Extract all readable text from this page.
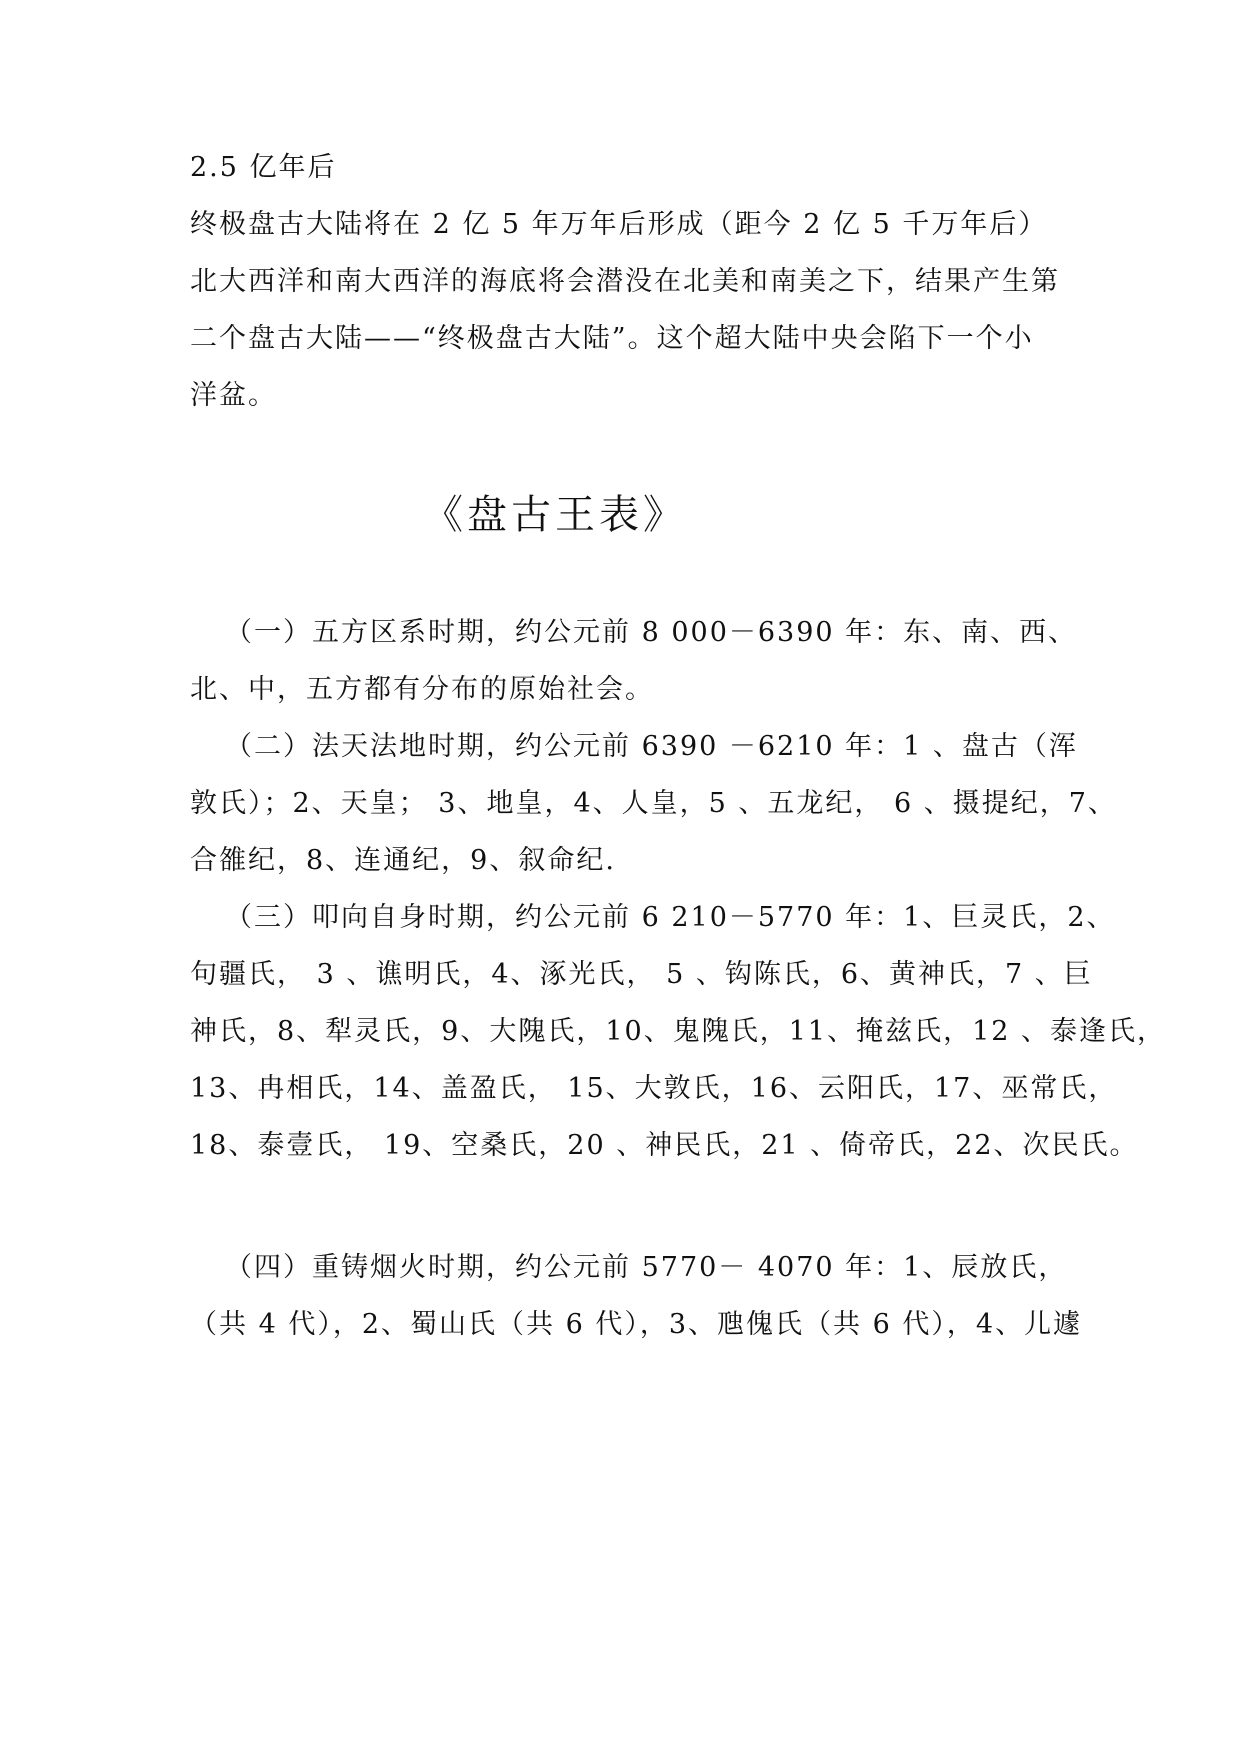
2.5 亿年后
终极盘古大陆将在 2 亿 5 年万年后形成（距今 2 亿 5 千万年后）
北大西洋和南大西洋的海底将会潜没在北美和南美之下，结果产生第
二个盘古大陆——“终极盘古大陆”。这个超大陆中央会陷下一个小
洋盆。
《盘古王表》
（一）五方区系时期，约公元前 8 000－6390 年：东、南、西、
北、中，五方都有分布的原始社会。
（二）法天法地时期，约公元前 6390 －6210 年：1 、盘古（浑
敦氏）；2、天皇； 3、地皇，4、人皇，5 、五龙纪， 6 、摄提纪，7、
合雒纪，8、连通纪，9、叙命纪.
（三）叩向自身时期，约公元前 6 210－5770 年：1、巨灵氏，2、
句疆氏， 3 、谯明氏，4、涿光氏， 5 、钩陈氏，6、黄神氏，7 、巨
神氏，8、犁灵氏，9、大隗氏，10、鬼隗氏，11、掩兹氏，12 、泰逢氏，
13、冉相氏，14、盖盈氏， 15、大敦氏，16、云阳氏，17、巫常氏，
18、泰壹氏， 19、空桑氏，20 、神民氏，21 、倚帝氏，22、次民氏。
（四）重铸烟火时期，约公元前 5770－ 4070 年：1、辰放氏，
（共 4 代），2、蜀山氏（共 6 代），3、虺傀氏（共 6 代），4、儿遽
